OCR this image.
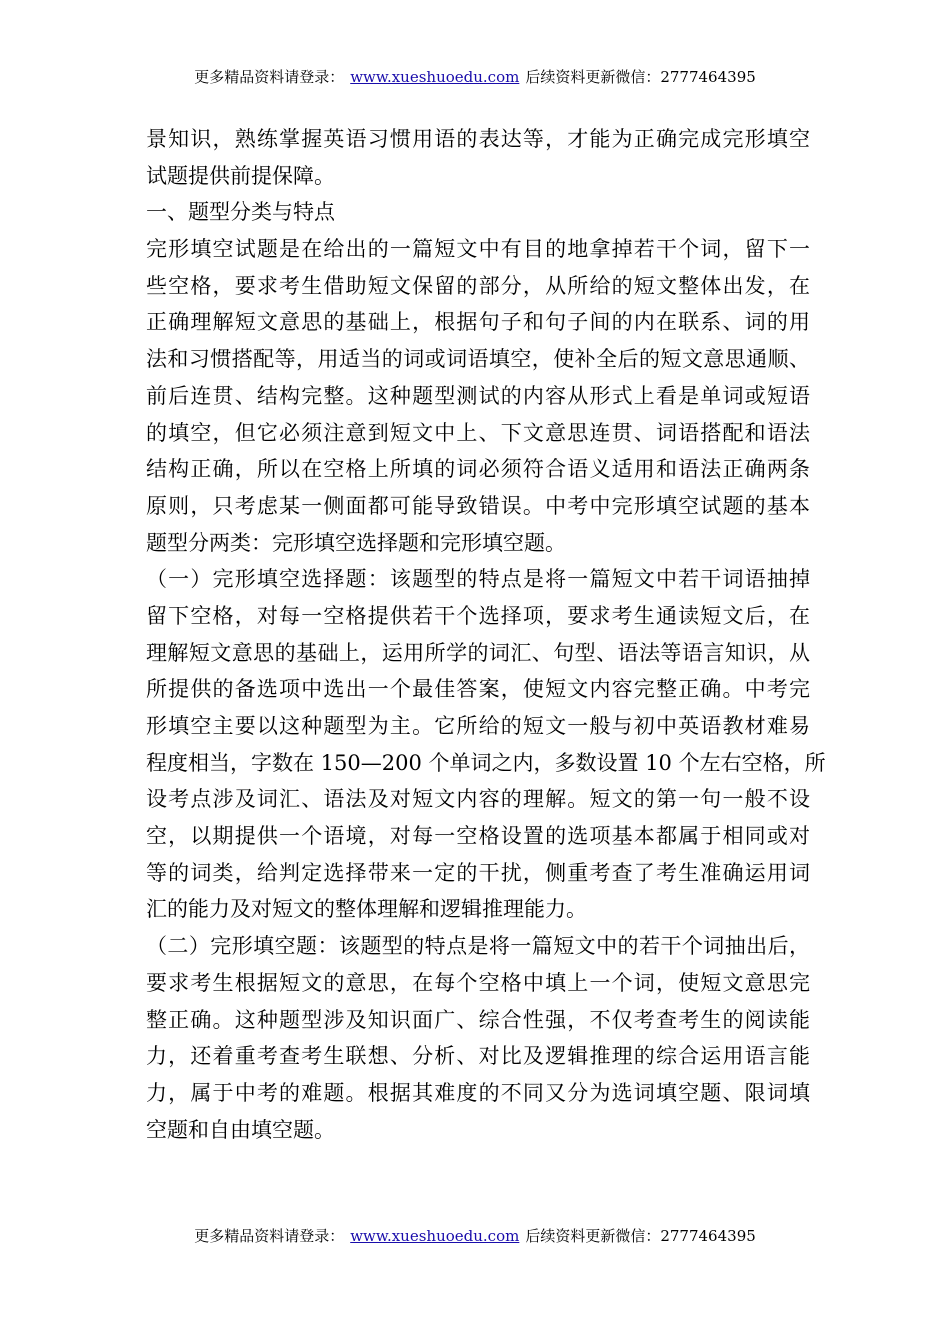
更多精品资料请登录： www.xueshuoedu.com 后续资料更新微信：2777464395
景知识，熟练掌握英语习惯用语的表达等，才能为正确完成完形填空
试题提供前提保障。
一、题型分类与特点
完形填空试题是在给出的一篇短文中有目的地拿掉若干个词，留下一
些空格，要求考生借助短文保留的部分，从所给的短文整体出发，在
正确理解短文意思的基础上，根据句子和句子间的内在联系、词的用
法和习惯搭配等，用适当的词或词语填空，使补全后的短文意思通顺、
前后连贯、结构完整。这种题型测试的内容从形式上看是单词或短语
的填空，但它必须注意到短文中上、下文意思连贯、词语搭配和语法
结构正确，所以在空格上所填的词必须符合语义适用和语法正确两条
原则，只考虑某一侧面都可能导致错误。中考中完形填空试题的基本
题型分两类：完形填空选择题和完形填空题。
（一）完形填空选择题：该题型的特点是将一篇短文中若干词语抽掉
留下空格，对每一空格提供若干个选择项，要求考生通读短文后，在
理解短文意思的基础上，运用所学的词汇、句型、语法等语言知识，从
所提供的备选项中选出一个最佳答案，使短文内容完整正确。中考完
形填空主要以这种题型为主。它所给的短文一般与初中英语教材难易
程度相当，字数在 150—200 个单词之内，多数设置 10 个左右空格，所
设考点涉及词汇、语法及对短文内容的理解。短文的第一句一般不设
空，以期提供一个语境，对每一空格设置的选项基本都属于相同或对
等的词类，给判定选择带来一定的干扰，侧重考查了考生准确运用词
汇的能力及对短文的整体理解和逻辑推理能力。
（二）完形填空题：该题型的特点是将一篇短文中的若干个词抽出后，
要求考生根据短文的意思，在每个空格中填上一个词，使短文意思完
整正确。这种题型涉及知识面广、综合性强，不仅考查考生的阅读能
力，还着重考查考生联想、分析、对比及逻辑推理的综合运用语言能
力，属于中考的难题。根据其难度的不同又分为选词填空题、限词填
空题和自由填空题。
更多精品资料请登录： www.xueshuoedu.com 后续资料更新微信：2777464395
